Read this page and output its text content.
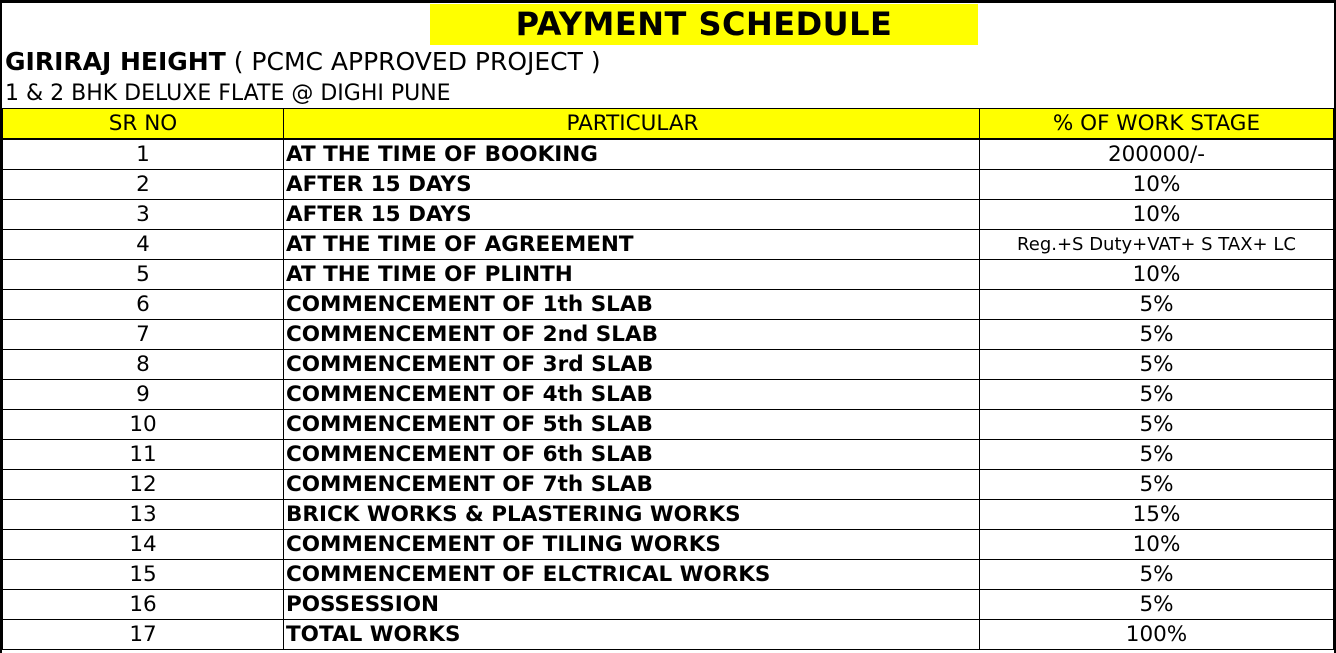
PAYMENT SCHEDULE
GIRIRAJ HEIGHT ( PCMC APPROVED PROJECT )
1 & 2 BHK DELUXE FLATE @ DIGHI PUNE
SR NO	PARTICULAR	% OF WORK STAGE
1	AT THE TIME OF BOOKING	200000/-
2	AFTER 15 DAYS	10%
3	AFTER 15 DAYS	10%
4	AT THE TIME OF AGREEMENT	Reg.+S Duty+VAT+ S TAX+ LC
5	AT THE TIME OF PLINTH	10%
6	COMMENCEMENT OF 1th SLAB	5%
7	COMMENCEMENT OF 2nd SLAB	5%
8	COMMENCEMENT OF 3rd SLAB	5%
9	COMMENCEMENT OF 4th SLAB	5%
10	COMMENCEMENT OF 5th SLAB	5%
11	COMMENCEMENT OF 6th SLAB	5%
12	COMMENCEMENT OF 7th SLAB	5%
13	BRICK WORKS & PLASTERING WORKS	15%
14	COMMENCEMENT OF TILING WORKS	10%
15	COMMENCEMENT OF ELCTRICAL WORKS	5%
16	POSSESSION	5%
17	TOTAL WORKS	100%
